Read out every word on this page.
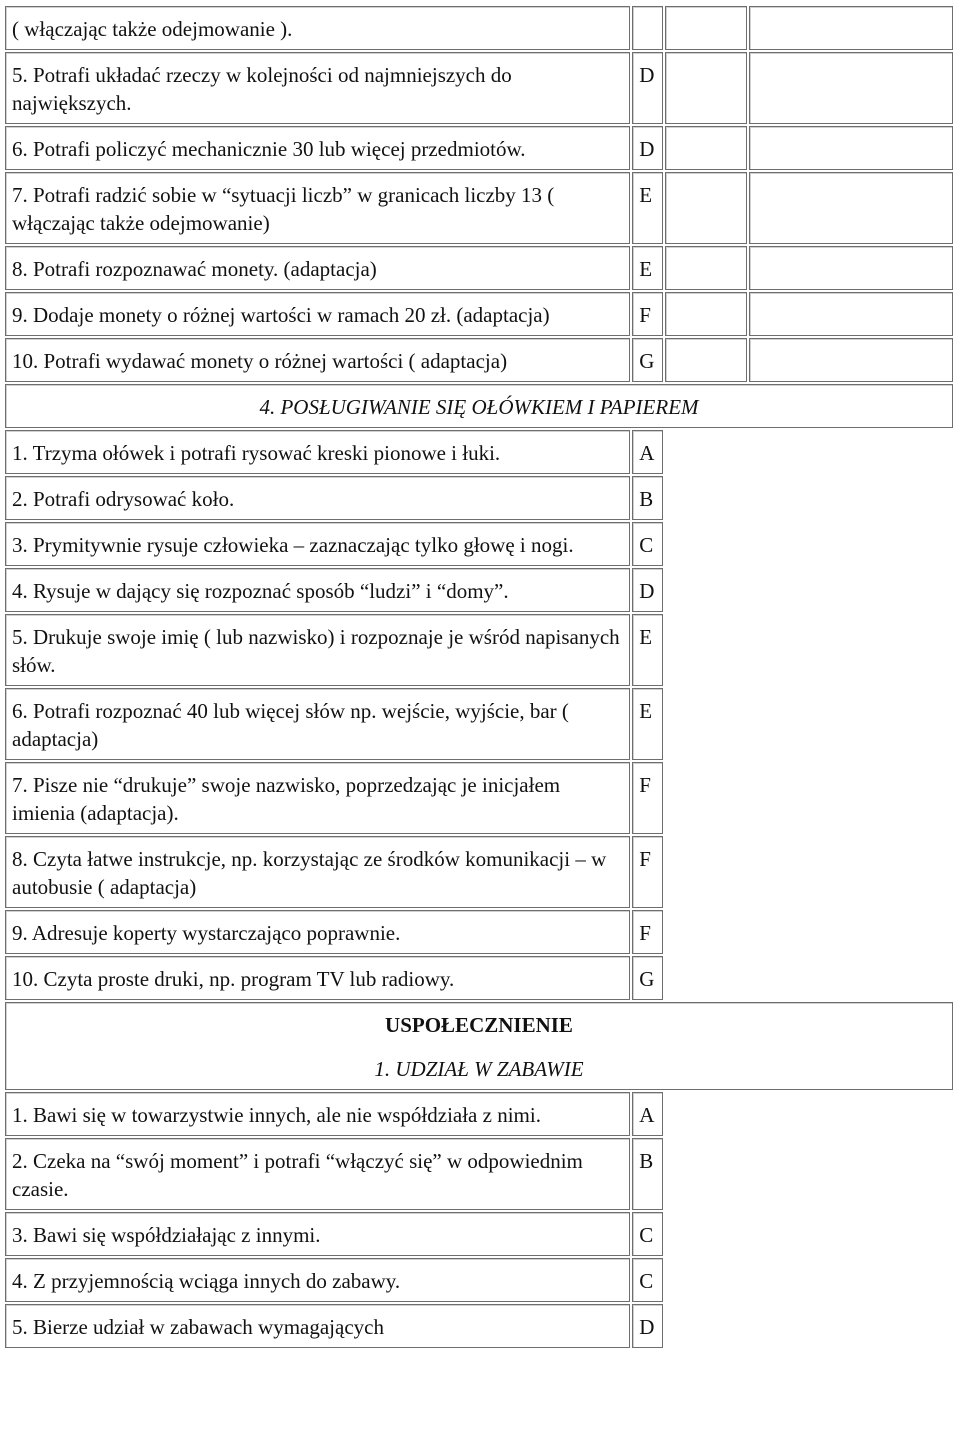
( włączając także odejmowanie ).			
5. Potrafi układać rzeczy w kolejności od najmniejszych do największych.	D		
6. Potrafi policzyć mechanicznie 30 lub więcej przedmiotów.	D		
7. Potrafi radzić sobie w “sytuacji liczb” w granicach liczby 13 ( włączając także odejmowanie)	E		
8. Potrafi rozpoznawać monety. (adaptacja)	E		
9. Dodaje monety o różnej wartości w ramach 20 zł. (adaptacja)	F		
10. Potrafi wydawać monety o różnej wartości ( adaptacja)	G		
4. POSŁUGIWANIE SIĘ OŁÓWKIEM I PAPIEREM			
1. Trzyma ołówek i potrafi rysować kreski pionowe i łuki.	A		
2. Potrafi odrysować koło.	B		
3. Prymitywnie rysuje człowieka – zaznaczając tylko głowę i nogi.	C		
4. Rysuje w dający się rozpoznać sposób “ludzi” i “domy”.	D		
5. Drukuje swoje imię ( lub nazwisko) i rozpoznaje je wśród napisanych słów.	E		
6. Potrafi rozpoznać 40 lub więcej słów np. wejście, wyjście, bar ( adaptacja)	E		
7. Pisze nie “drukuje” swoje nazwisko, poprzedzając je inicjałem imienia (adaptacja).	F		
8. Czyta łatwe instrukcje, np. korzystając ze środków komunikacji – w autobusie ( adaptacja)	F		
9. Adresuje koperty wystarczająco poprawnie.	F		
10. Czyta proste druki, np. program TV lub radiowy.	G		

USPOŁECZNIENIE
1. UDZIAŁ W ZABAWIE			

1. Bawi się w towarzystwie innych, ale nie współdziała z nimi.	A		
2. Czeka na “swój moment” i potrafi “włączyć się” w odpowiednim czasie.	B		
3. Bawi się współdziałając z innymi.	C		
4. Z przyjemnością wciąga innych do zabawy.	C		
5. Bierze udział w zabawach wymagających	D		
